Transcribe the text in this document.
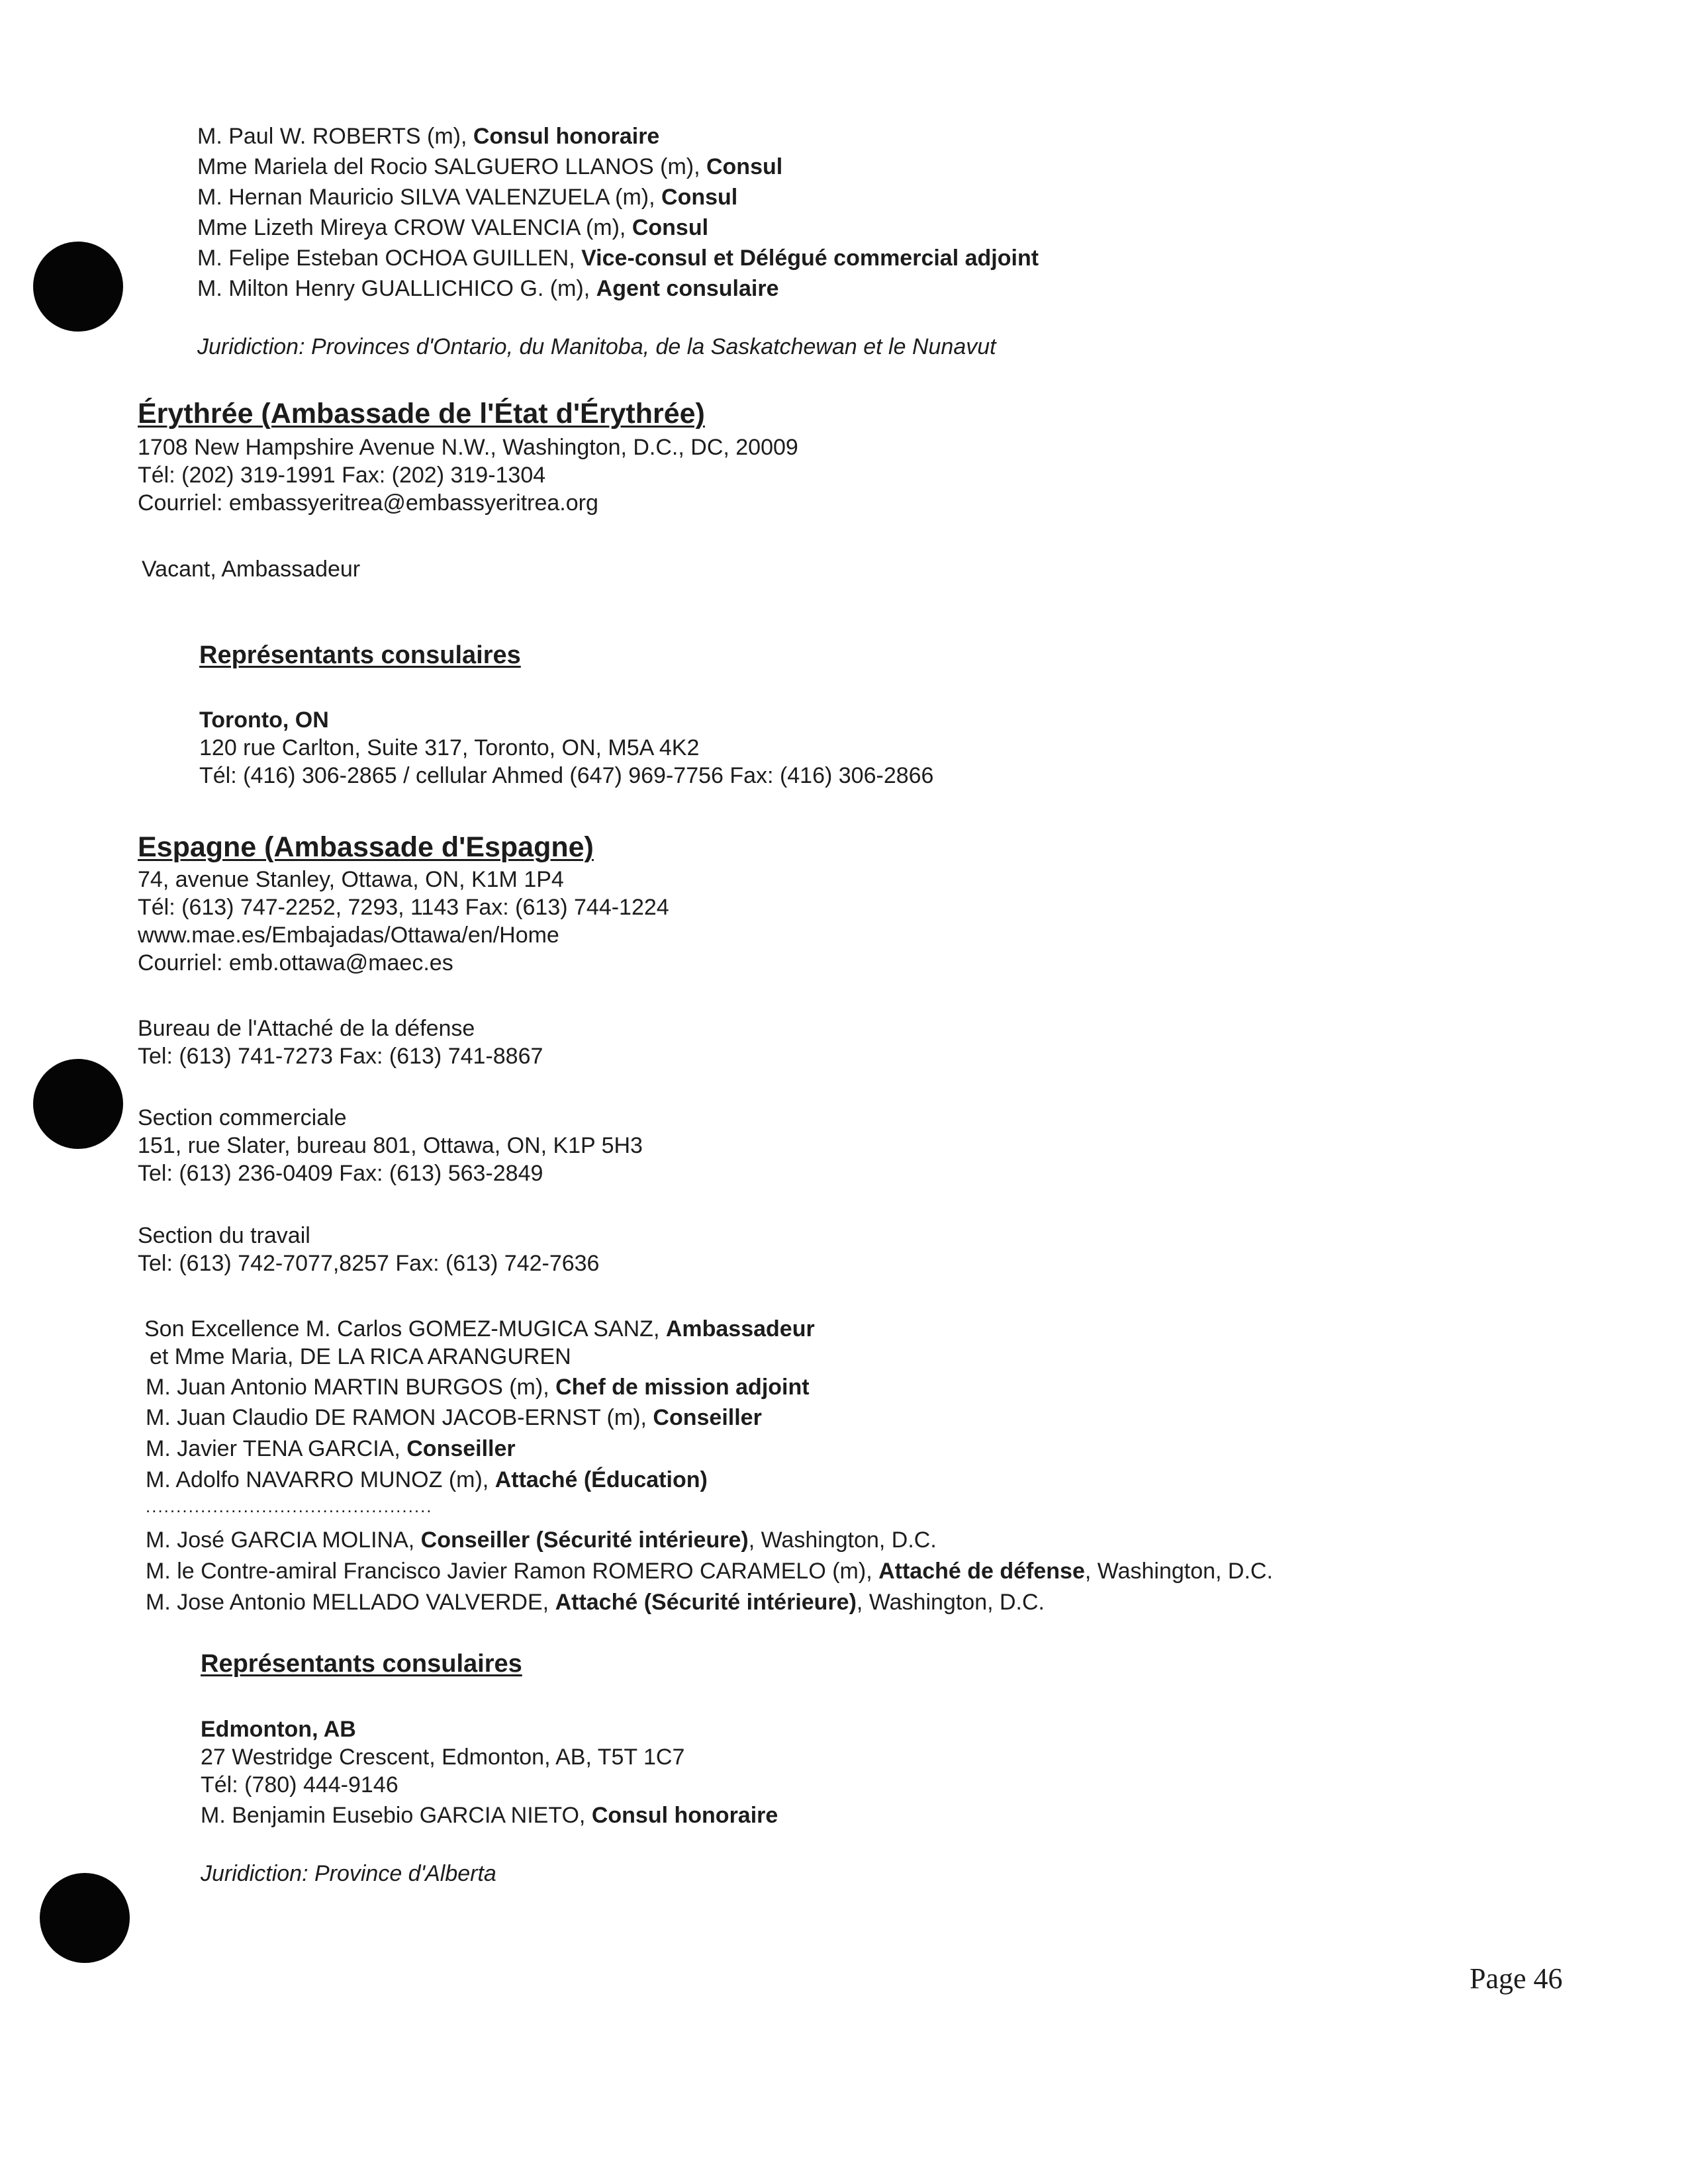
M. Paul W. ROBERTS (m), Consul honoraire
Mme Mariela del Rocio SALGUERO LLANOS (m), Consul
M. Hernan Mauricio SILVA VALENZUELA (m), Consul
Mme Lizeth Mireya CROW VALENCIA (m), Consul
M. Felipe Esteban OCHOA GUILLEN, Vice-consul et Délégué commercial adjoint
M. Milton Henry GUALLICHICO G. (m), Agent consulaire
Juridiction: Provinces d'Ontario, du Manitoba, de la Saskatchewan et le Nunavut
Érythrée (Ambassade de l'État d'Érythrée)
1708 New Hampshire Avenue N.W., Washington, D.C., DC, 20009
Tél: (202) 319-1991 Fax: (202) 319-1304
Courriel: embassyeritrea@embassyeritrea.org
Vacant, Ambassadeur
Représentants consulaires
Toronto, ON
120 rue Carlton, Suite 317, Toronto, ON, M5A 4K2
Tél: (416) 306-2865 / cellular Ahmed (647) 969-7756 Fax: (416) 306-2866
Espagne (Ambassade d'Espagne)
74, avenue Stanley, Ottawa, ON, K1M 1P4
Tél: (613) 747-2252, 7293, 1143 Fax: (613) 744-1224
www.mae.es/Embajadas/Ottawa/en/Home
Courriel: emb.ottawa@maec.es
Bureau de l'Attaché de la défense
Tel: (613) 741-7273 Fax: (613) 741-8867
Section commerciale
151, rue Slater, bureau 801, Ottawa, ON, K1P 5H3
Tel: (613) 236-0409 Fax: (613) 563-2849
Section du travail
Tel: (613) 742-7077,8257 Fax: (613) 742-7636
Son Excellence M. Carlos GOMEZ-MUGICA SANZ, Ambassadeur
et Mme Maria, DE LA RICA ARANGUREN
M. Juan Antonio MARTIN BURGOS (m), Chef de mission adjoint
M. Juan Claudio DE RAMON JACOB-ERNST (m), Conseiller
M. Javier TENA GARCIA, Conseiller
M. Adolfo NAVARRO MUNOZ (m), Attaché (Éducation)
...............................................
M. José GARCIA MOLINA, Conseiller (Sécurité intérieure), Washington, D.C.
M. le Contre-amiral Francisco Javier Ramon ROMERO CARAMELO (m), Attaché de défense, Washington, D.C.
M. Jose Antonio MELLADO VALVERDE, Attaché (Sécurité intérieure), Washington, D.C.
Représentants consulaires
Edmonton, AB
27 Westridge Crescent, Edmonton, AB, T5T 1C7
Tél: (780) 444-9146
M. Benjamin Eusebio GARCIA NIETO, Consul honoraire
Juridiction: Province d'Alberta
Page 46
